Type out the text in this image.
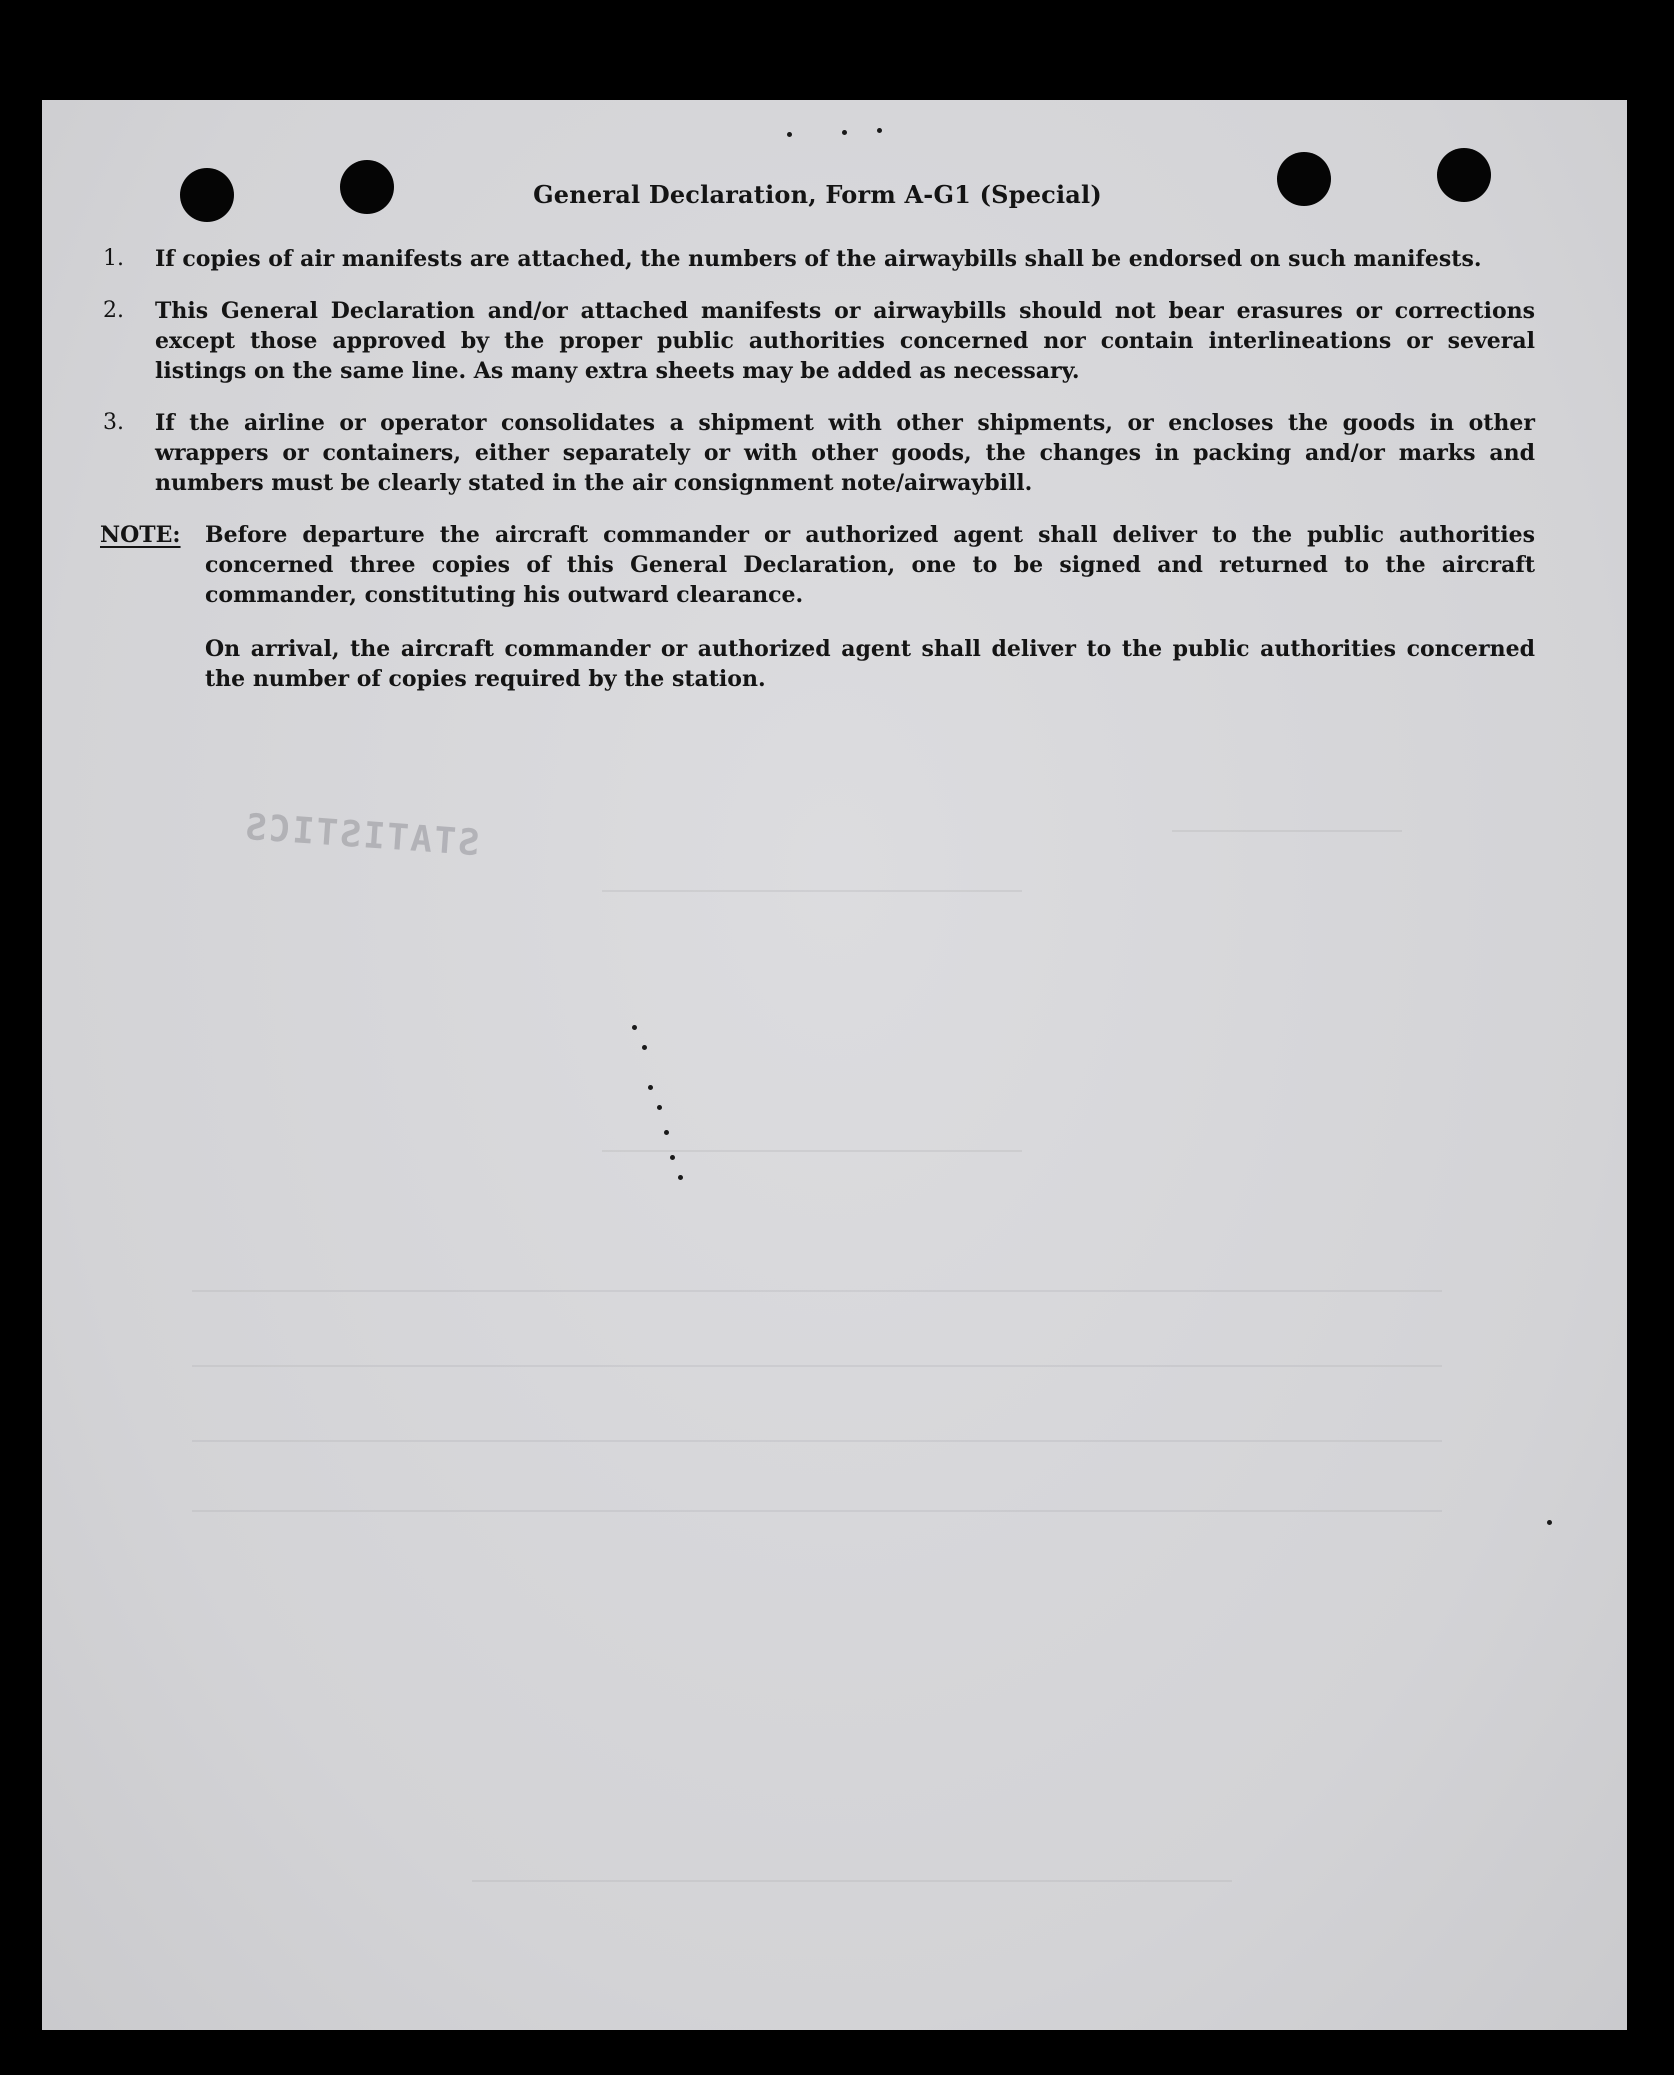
STATISTICS
General Declaration, Form A-G1 (Special)
1.	If copies of air manifests are attached, the numbers of the airwaybills shall be endorsed on such manifests.
2.	This General Declaration and/or attached manifests or airwaybills should not bear erasures or corrections except those approved by the proper public authorities concerned nor contain interlineations or several listings on the same line. As many extra sheets may be added as necessary.
3.	If the airline or operator consolidates a shipment with other shipments, or encloses the goods in other wrappers or containers, either separately or with other goods, the changes in packing and/or marks and numbers must be clearly stated in the air consignment note/airwaybill.
NOTE:	Before departure the aircraft commander or authorized agent shall deliver to the public authorities concerned three copies of this General Declaration, one to be signed and returned to the aircraft commander, constituting his outward clearance.

On arrival, the aircraft commander or authorized agent shall deliver to the public authorities concerned the number of copies required by the station.
